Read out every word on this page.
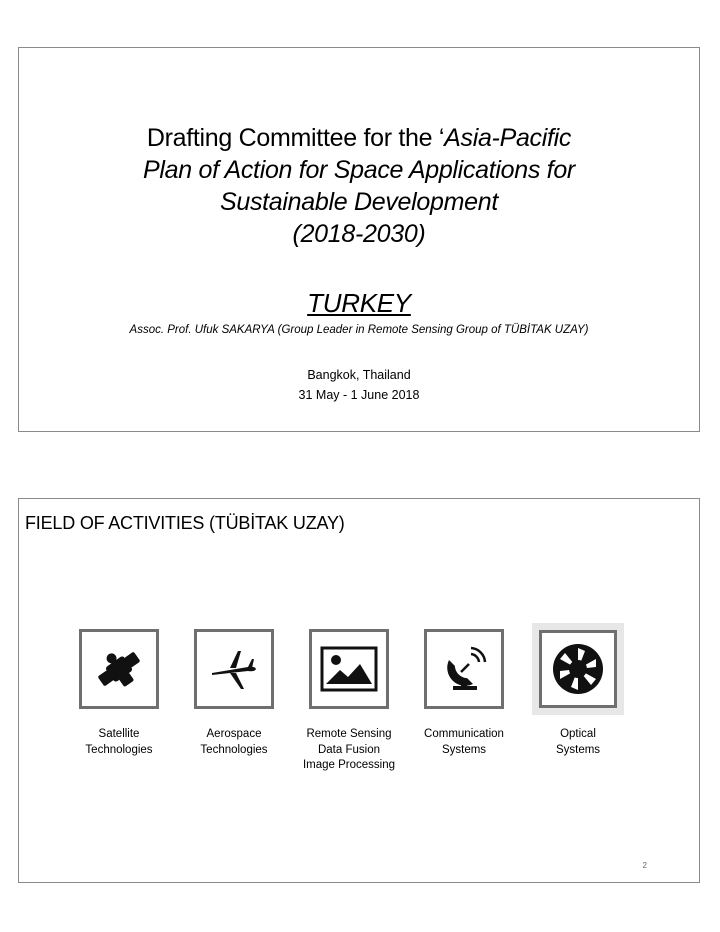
Drafting Committee for the ‘Asia-Pacific
Plan of Action for Space Applications for
Sustainable Development
(2018-2030)
TURKEY
Assoc. Prof. Ufuk SAKARYA (Group Leader in Remote Sensing Group of TÜBİTAK UZAY)
Bangkok, Thailand
31 May - 1 June 2018
FIELD OF ACTIVITIES (TÜBİTAK UZAY)
Satellite
Technologies
Aerospace
Technologies
Remote Sensing
Data Fusion
Image Processing
Communication
Systems
Optical
Systems
2
